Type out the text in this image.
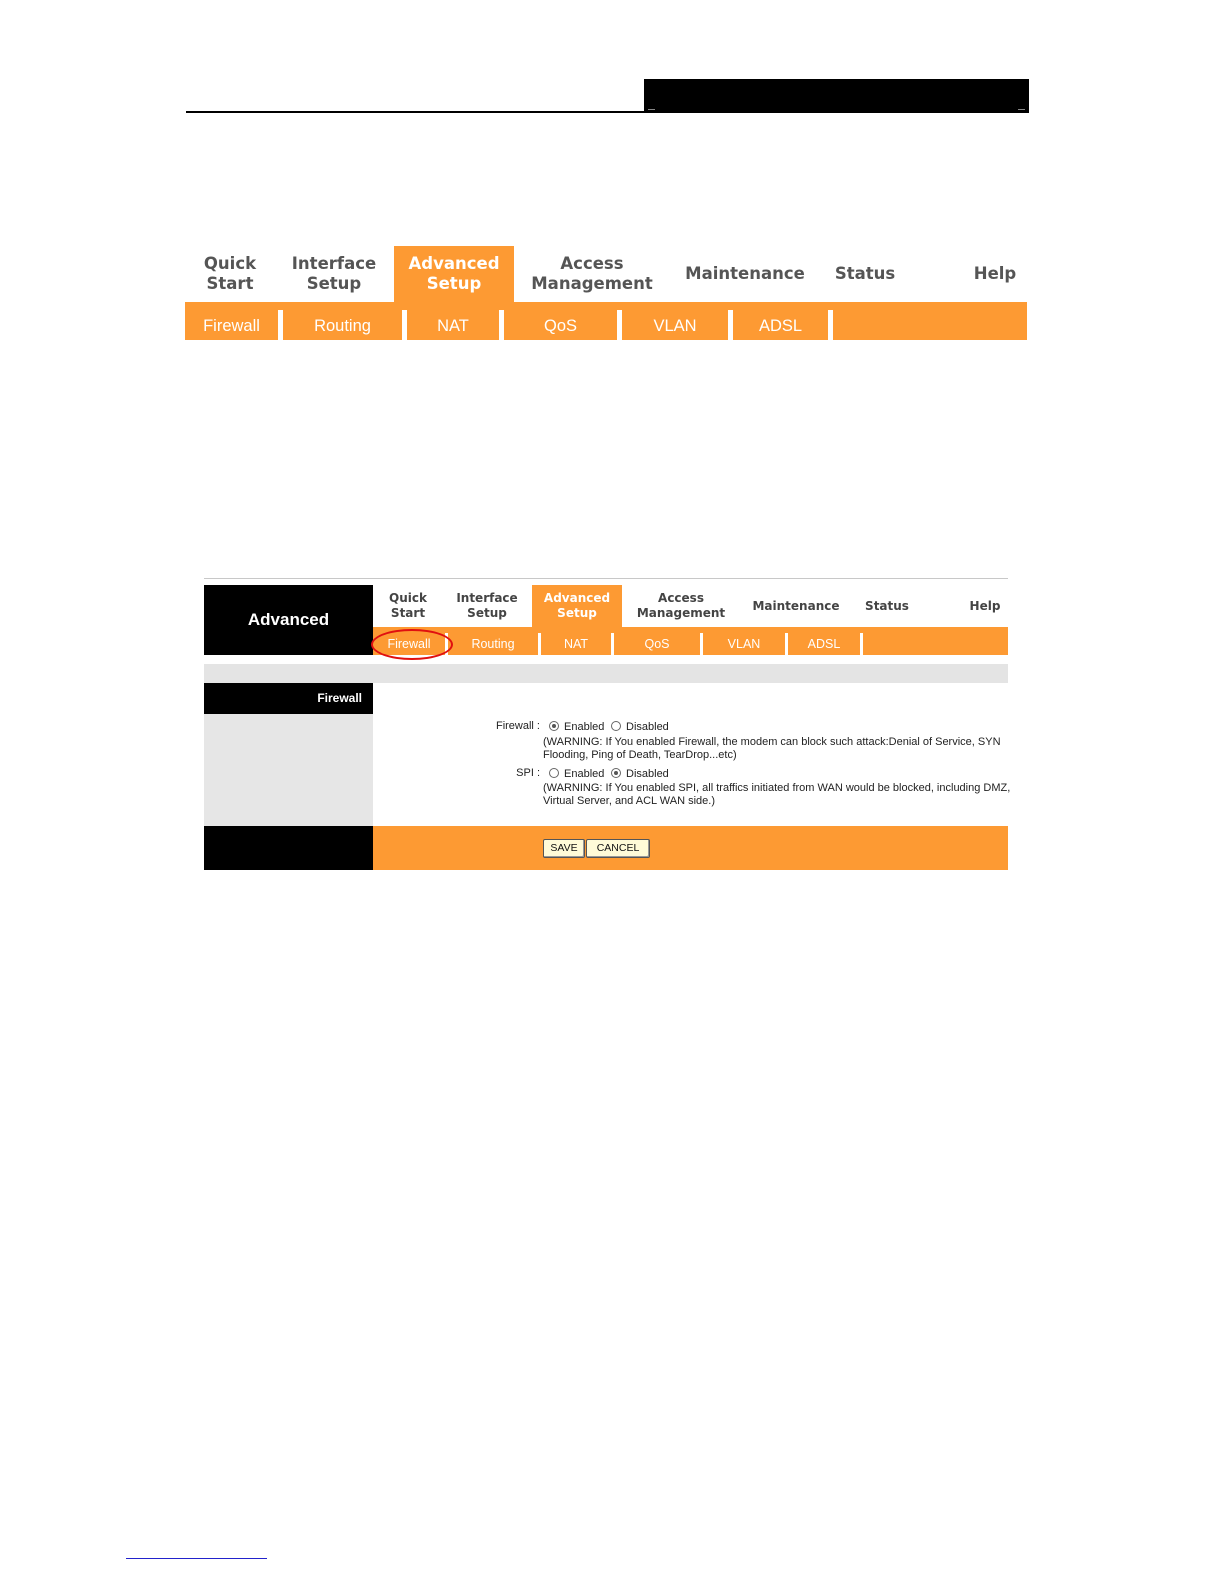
Quick
Start
Interface
Setup
Advanced
Setup
Access
Management
Maintenance Status	Help
Firewall	Routing	NAT	QoS	VLAN	ADSL
Advanced
Quick
Start
Interface
Setup
Advanced
Setup
Access
Management
Maintenance Status	Help
Firewall	Routing	NAT	QoS	VLAN	ADSL
Firewall
Firewall : Enabled Disabled
(WARNING: If You enabled Firewall, the modem can block such attack:Denial of Service, SYN Flooding, Ping of Death, TearDrop...etc)
SPI : Enabled Disabled
(WARNING: If You enabled SPI, all traffics initiated from WAN would be blocked, including DMZ, Virtual Server, and ACL WAN side.)
SAVE	CANCEL
